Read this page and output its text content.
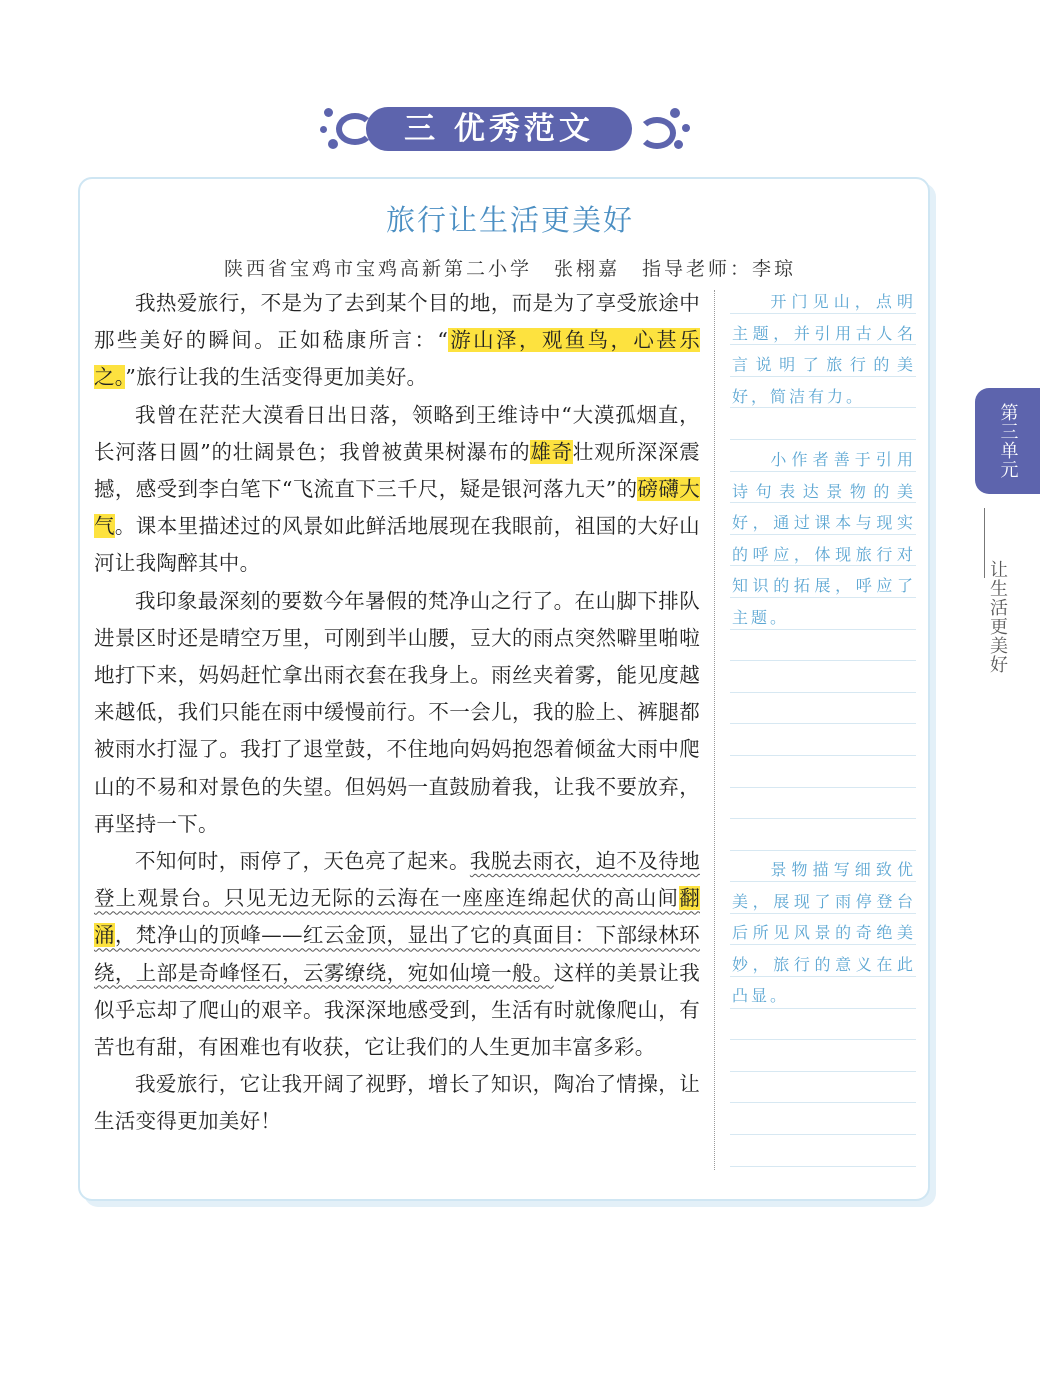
三 优秀范文
旅行让生活更美好
陕西省宝鸡市宝鸡高新第二小学　张栩嘉　指导老师：李琼

我热爱旅行，不是为了去到某个目的地，而是为了享受旅途中那些美好的瞬间。正如嵇康所言：“游山泽，观鱼鸟，心甚乐之。”旅行让我的生活变得更加美好。

我曾在茫茫大漠看日出日落，领略到王维诗中“大漠孤烟直，长河落日圆”的壮阔景色；我曾被黄果树瀑布的雄奇壮观所深深震撼，感受到李白笔下“飞流直下三千尺，疑是银河落九天”的磅礴大气。课本里描述过的风景如此鲜活地展现在我眼前，祖国的大好山河让我陶醉其中。

我印象最深刻的要数今年暑假的梵净山之行了。在山脚下排队进景区时还是晴空万里，可刚到半山腰，豆大的雨点突然噼里啪啦地打下来，妈妈赶忙拿出雨衣套在我身上。雨丝夹着雾，能见度越来越低，我们只能在雨中缓慢前行。不一会儿，我的脸上、裤腿都被雨水打湿了。我打了退堂鼓，不住地向妈妈抱怨着倾盆大雨中爬山的不易和对景色的失望。但妈妈一直鼓励着我，让我不要放弃，再坚持一下。

不知何时，雨停了，天色亮了起来。我脱去雨衣，迫不及待地登上观景台。只见无边无际的云海在一座座连绵起伏的高山间翻涌，梵净山的顶峰——红云金顶，显出了它的真面目：下部绿林环绕，上部是奇峰怪石，云雾缭绕，宛如仙境一般。这样的美景让我似乎忘却了爬山的艰辛。我深深地感受到，生活有时就像爬山，有苦也有甜，有困难也有收获，它让我们的人生更加丰富多彩。

我爱旅行，它让我开阔了视野，增长了知识，陶冶了情操，让生活变得更加美好！

开门见山，点明主题，并引用古人名言说明了旅行的美好，简洁有力。
小作者善于引用诗句表达景物的美好，通过课本与现实的呼应，体现旅行对知识的拓展，呼应了主题。
景物描写细致优美，展现了雨停登台后所见风景的奇绝美妙，旅行的意义在此凸显。
第三单元
让生活更美好
